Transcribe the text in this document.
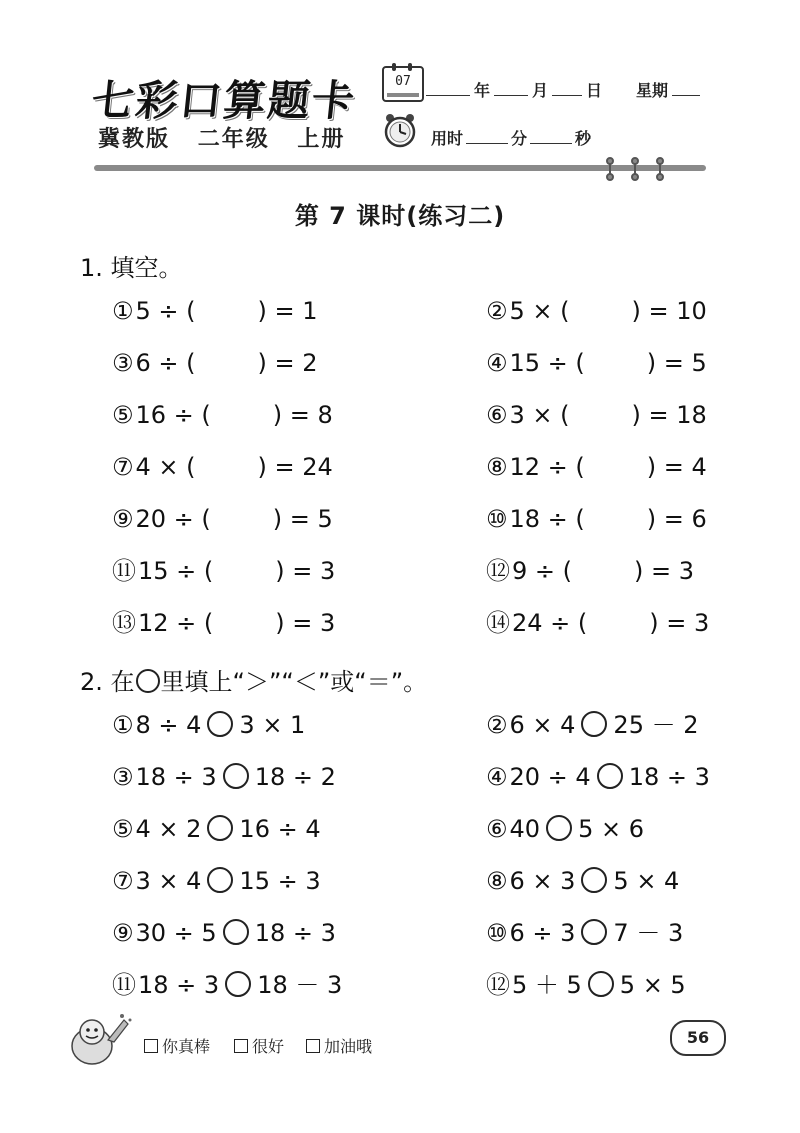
七彩口算题卡
冀教版 二年级 上册
07	年	月 日 星期
用时	分	秒
第 7 课时(练习二)
1. 填空。
①5 ÷ (	) = 1
③6 ÷ (	) = 2
⑤16 ÷ (	) = 8
⑦4 × (	) = 24
⑨20 ÷ (	) = 5
⑪15 ÷ (	) = 3
⑬12 ÷ (	) = 3
②5 × (	) = 10
④15 ÷ (	) = 5
⑥3 × (	) = 18
⑧12 ÷ (	) = 4
⑩18 ÷ (	) = 6
⑫9 ÷ (	) = 3
⑭24 ÷ (	) = 3
2. 在 里填上“＞”“＜”或“＝”。
①8 ÷ 4 3 × 1
③18 ÷ 3 18 ÷ 2
⑤4 × 2 16 ÷ 4
⑦3 × 4 15 ÷ 3
⑨30 ÷ 5 18 ÷ 3
⑪18 ÷ 3 18 － 3
②6 × 4 25 － 2
④20 ÷ 4 18 ÷ 3
⑥40 5 × 6
⑧6 × 3 5 × 4
⑩6 ÷ 3 7 － 3
⑫5 ＋ 5 5 × 5
你真棒	很好	加油哦	56
